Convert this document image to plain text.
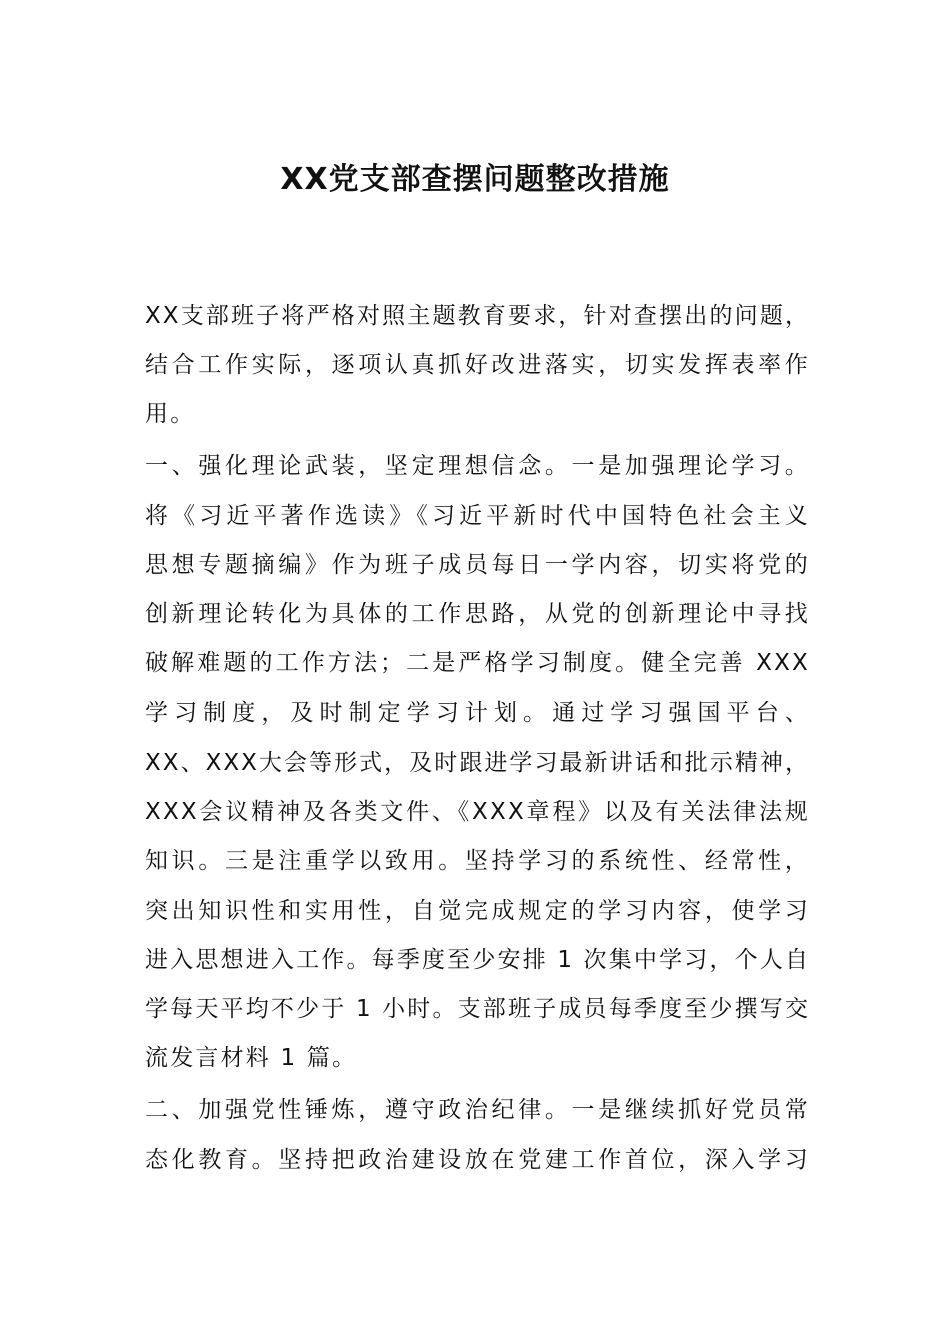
XX党支部查摆问题整改措施

XX支部班子将严格对照主题教育要求，针对查摆出的问题，

结合工作实际，逐项认真抓好改进落实，切实发挥表率作

用。

一、强化理论武装，坚定理想信念。一是加强理论学习。

将《习近平著作选读》《习近平新时代中国特色社会主义

思想专题摘编》作为班子成员每日一学内容，切实将党的

创新理论转化为具体的工作思路，从党的创新理论中寻找

破解难题的工作方法；二是严格学习制度。健全完善 XXX

学习制度，及时制定学习计划。通过学习强国平台、

XX、XXX大会等形式，及时跟进学习最新讲话和批示精神，

XXX会议精神及各类文件、《XXX章程》以及有关法律法规

知识。三是注重学以致用。坚持学习的系统性、经常性，

突出知识性和实用性，自觉完成规定的学习内容，使学习

进入思想进入工作。每季度至少安排 1 次集中学习，个人自

学每天平均不少于 1 小时。支部班子成员每季度至少撰写交

流发言材料 1 篇。

二、加强党性锤炼，遵守政治纪律。一是继续抓好党员常

态化教育。坚持把政治建设放在党建工作首位，深入学习
